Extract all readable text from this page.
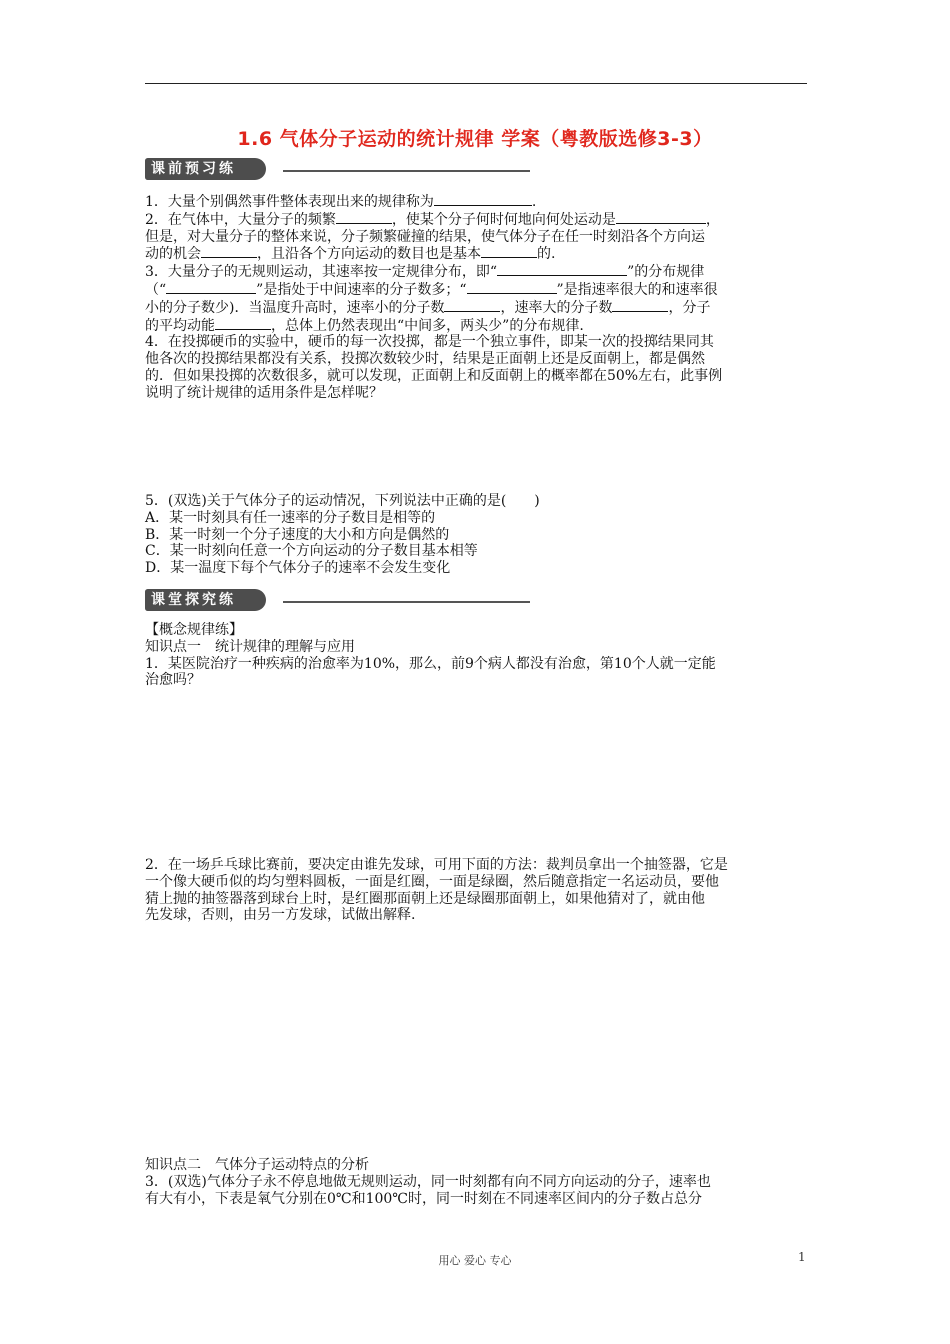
1.6 气体分子运动的统计规律 学案（粤教版选修3-3）
课前预习练

1．大量个别偶然事件整体表现出来的规律称为	.

2．在气体中，大量分子的频繁	，使某个分子何时何地向何处运动是	，

但是，对大量分子的整体来说，分子频繁碰撞的结果，使气体分子在任一时刻沿各个方向运

动的机会	，且沿各个方向运动的数目也是基本	的.

3．大量分子的无规则运动，其速率按一定规律分布，即“	”的分布规律

（“	”是指处于中间速率的分子数多；“	”是指速率很大的和速率很

小的分子数少)．当温度升高时，速率小的分子数	，速率大的分子数	，分子

的平均动能	，总体上仍然表现出“中间多，两头少”的分布规律.

4．在投掷硬币的实验中，硬币的每一次投掷，都是一个独立事件，即某一次的投掷结果同其

他各次的投掷结果都没有关系，投掷次数较少时，结果是正面朝上还是反面朝上，都是偶然

的．但如果投掷的次数很多，就可以发现，正面朝上和反面朝上的概率都在50%左右，此事例

说明了统计规律的适用条件是怎样呢？

5．(双选)关于气体分子的运动情况，下列说法中正确的是(　　)

A．某一时刻具有任一速率的分子数目是相等的

B．某一时刻一个分子速度的大小和方向是偶然的

C．某一时刻向任意一个方向运动的分子数目基本相等

D．某一温度下每个气体分子的速率不会发生变化

课堂探究练

【概念规律练】

知识点一　统计规律的理解与应用

1．某医院治疗一种疾病的治愈率为10%，那么，前9个病人都没有治愈，第10个人就一定能

治愈吗？

2．在一场乒乓球比赛前，要决定由谁先发球，可用下面的方法：裁判员拿出一个抽签器，它是

一个像大硬币似的均匀塑料圆板，一面是红圈，一面是绿圈，然后随意指定一名运动员，要他

猜上抛的抽签器落到球台上时，是红圈那面朝上还是绿圈那面朝上，如果他猜对了，就由他

先发球，否则，由另一方发球，试做出解释.

知识点二　气体分子运动特点的分析

3．(双选)气体分子永不停息地做无规则运动，同一时刻都有向不同方向运动的分子，速率也

有大有小，下表是氧气分别在0℃和100℃时，同一时刻在不同速率区间内的分子数占总分

用心 爱心 专心	1
